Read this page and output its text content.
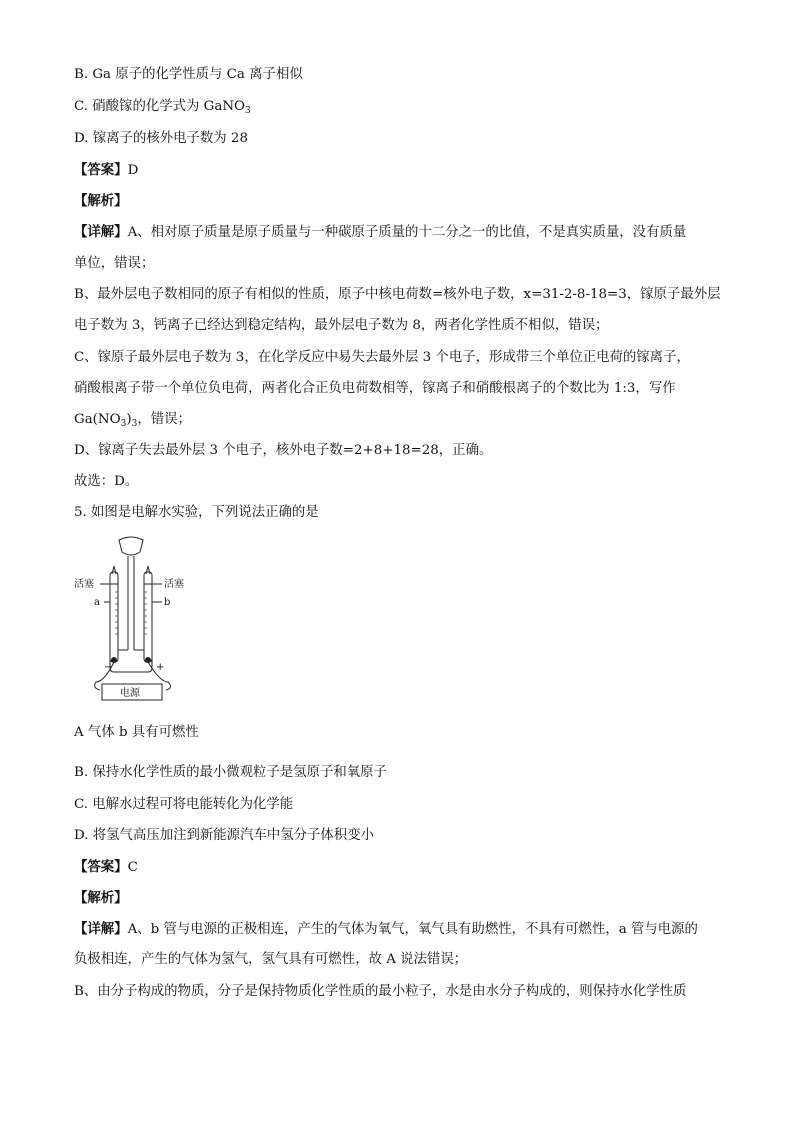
B. Ga 原子的化学性质与 Ca 离子相似
C. 硝酸镓的化学式为 GaNO$_3$
D. 镓离子的核外电子数为 28
【答案】D
【解析】
【详解】A、相对原子质量是原子质量与一种碳原子质量的十二分之一的比值，不是真实质量，没有质量
单位，错误；
B、最外层电子数相同的原子有相似的性质，原子中核电荷数=核外电子数，x=31-2-8-18=3，镓原子最外层
电子数为 3，钙离子已经达到稳定结构，最外层电子数为 8，两者化学性质不相似，错误；
C、镓原子最外层电子数为 3，在化学反应中易失去最外层 3 个电子，形成带三个单位正电荷的镓离子，
硝酸根离子带一个单位负电荷，两者化合正负电荷数相等，镓离子和硝酸根离子的个数比为 1:3，写作
$Ga(NO_3)_3$，错误；
D、镓离子失去最外层 3 个电子，核外电子数=2+8+18=28，正确。
故选：D。
5. 如图是电解水实验，下列说法正确的是
活塞	活塞
a	b
−	+
电源
A 气体 b 具有可燃性
B. 保持水化学性质的最小微观粒子是氢原子和氧原子
C. 电解水过程可将电能转化为化学能
D. 将氢气高压加注到新能源汽车中氢分子体积变小
【答案】C
【解析】
【详解】A、b 管与电源的正极相连，产生的气体为氧气，氧气具有助燃性，不具有可燃性，a 管与电源的
负极相连，产生的气体为氢气，氢气具有可燃性，故 A 说法错误；
B、由分子构成的物质，分子是保持物质化学性质的最小粒子，水是由水分子构成的，则保持水化学性质
